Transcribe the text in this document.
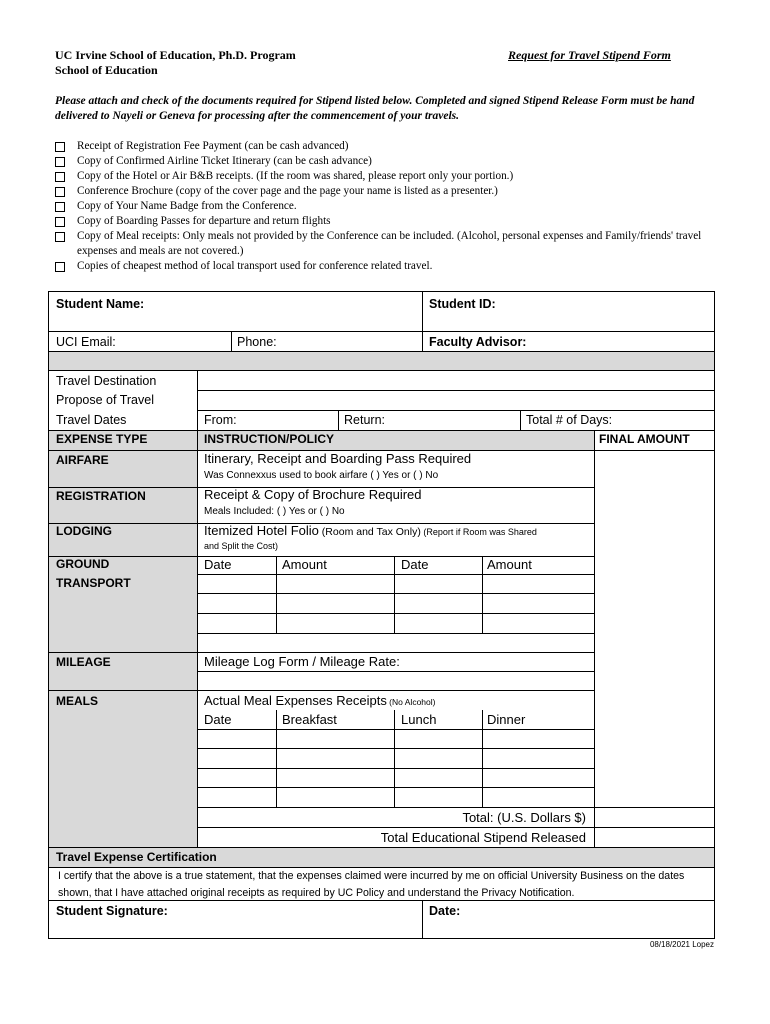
UC Irvine School of Education, Ph.D. Program
School of Education
Request for Travel Stipend Form
Please attach and check of the documents required for Stipend listed below. Completed and signed Stipend Release Form must be hand delivered to Nayeli or Geneva for processing after the commencement of your travels.
Receipt of Registration Fee Payment (can be cash advanced)
Copy of Confirmed Airline Ticket Itinerary (can be cash advance)
Copy of the Hotel or Air B&B receipts. (If the room was shared, please report only your portion.)
Conference Brochure (copy of the cover page and the page your name is listed as a presenter.)
Copy of Your Name Badge from the Conference.
Copy of Boarding Passes for departure and return flights
Copy of Meal receipts: Only meals not provided by the Conference can be included. (Alcohol, personal expenses and Family/friends' travel expenses and meals are not covered.)
Copies of cheapest method of local transport used for conference related travel.
Student Name:	Student ID:
UCI Email:	Phone:	Faculty Advisor:
Travel Destination
Propose of Travel
Travel Dates	From:	Return:	Total # of Days:
EXPENSE TYPE	INSTRUCTION/POLICY	FINAL AMOUNT
AIRFARE	Itinerary, Receipt and Boarding Pass Required
Was Connexxus used to book airfare ( ) Yes or ( ) No
REGISTRATION	Receipt & Copy of Brochure Required
Meals Included: ( ) Yes or ( ) No
LODGING	Itemized Hotel Folio (Room and Tax Only) (Report if Room was Shared
and Split the Cost)
GROUND
TRANSPORT
Date	Amount	Date	Amount
MILEAGE	Mileage Log Form / Mileage Rate:
MEALS	Actual Meal Expenses Receipts (No Alcohol)
Date	Breakfast	Lunch	Dinner
Total: (U.S. Dollars $)
Total Educational Stipend Released
Travel Expense Certification
Student Signature:	Date:
I certify that the above is a true statement, that the expenses claimed were incurred by me on official University Business on the dates shown, that I have attached original receipts as required by UC Policy and understand the Privacy Notification.
08/18/2021 Lopez
